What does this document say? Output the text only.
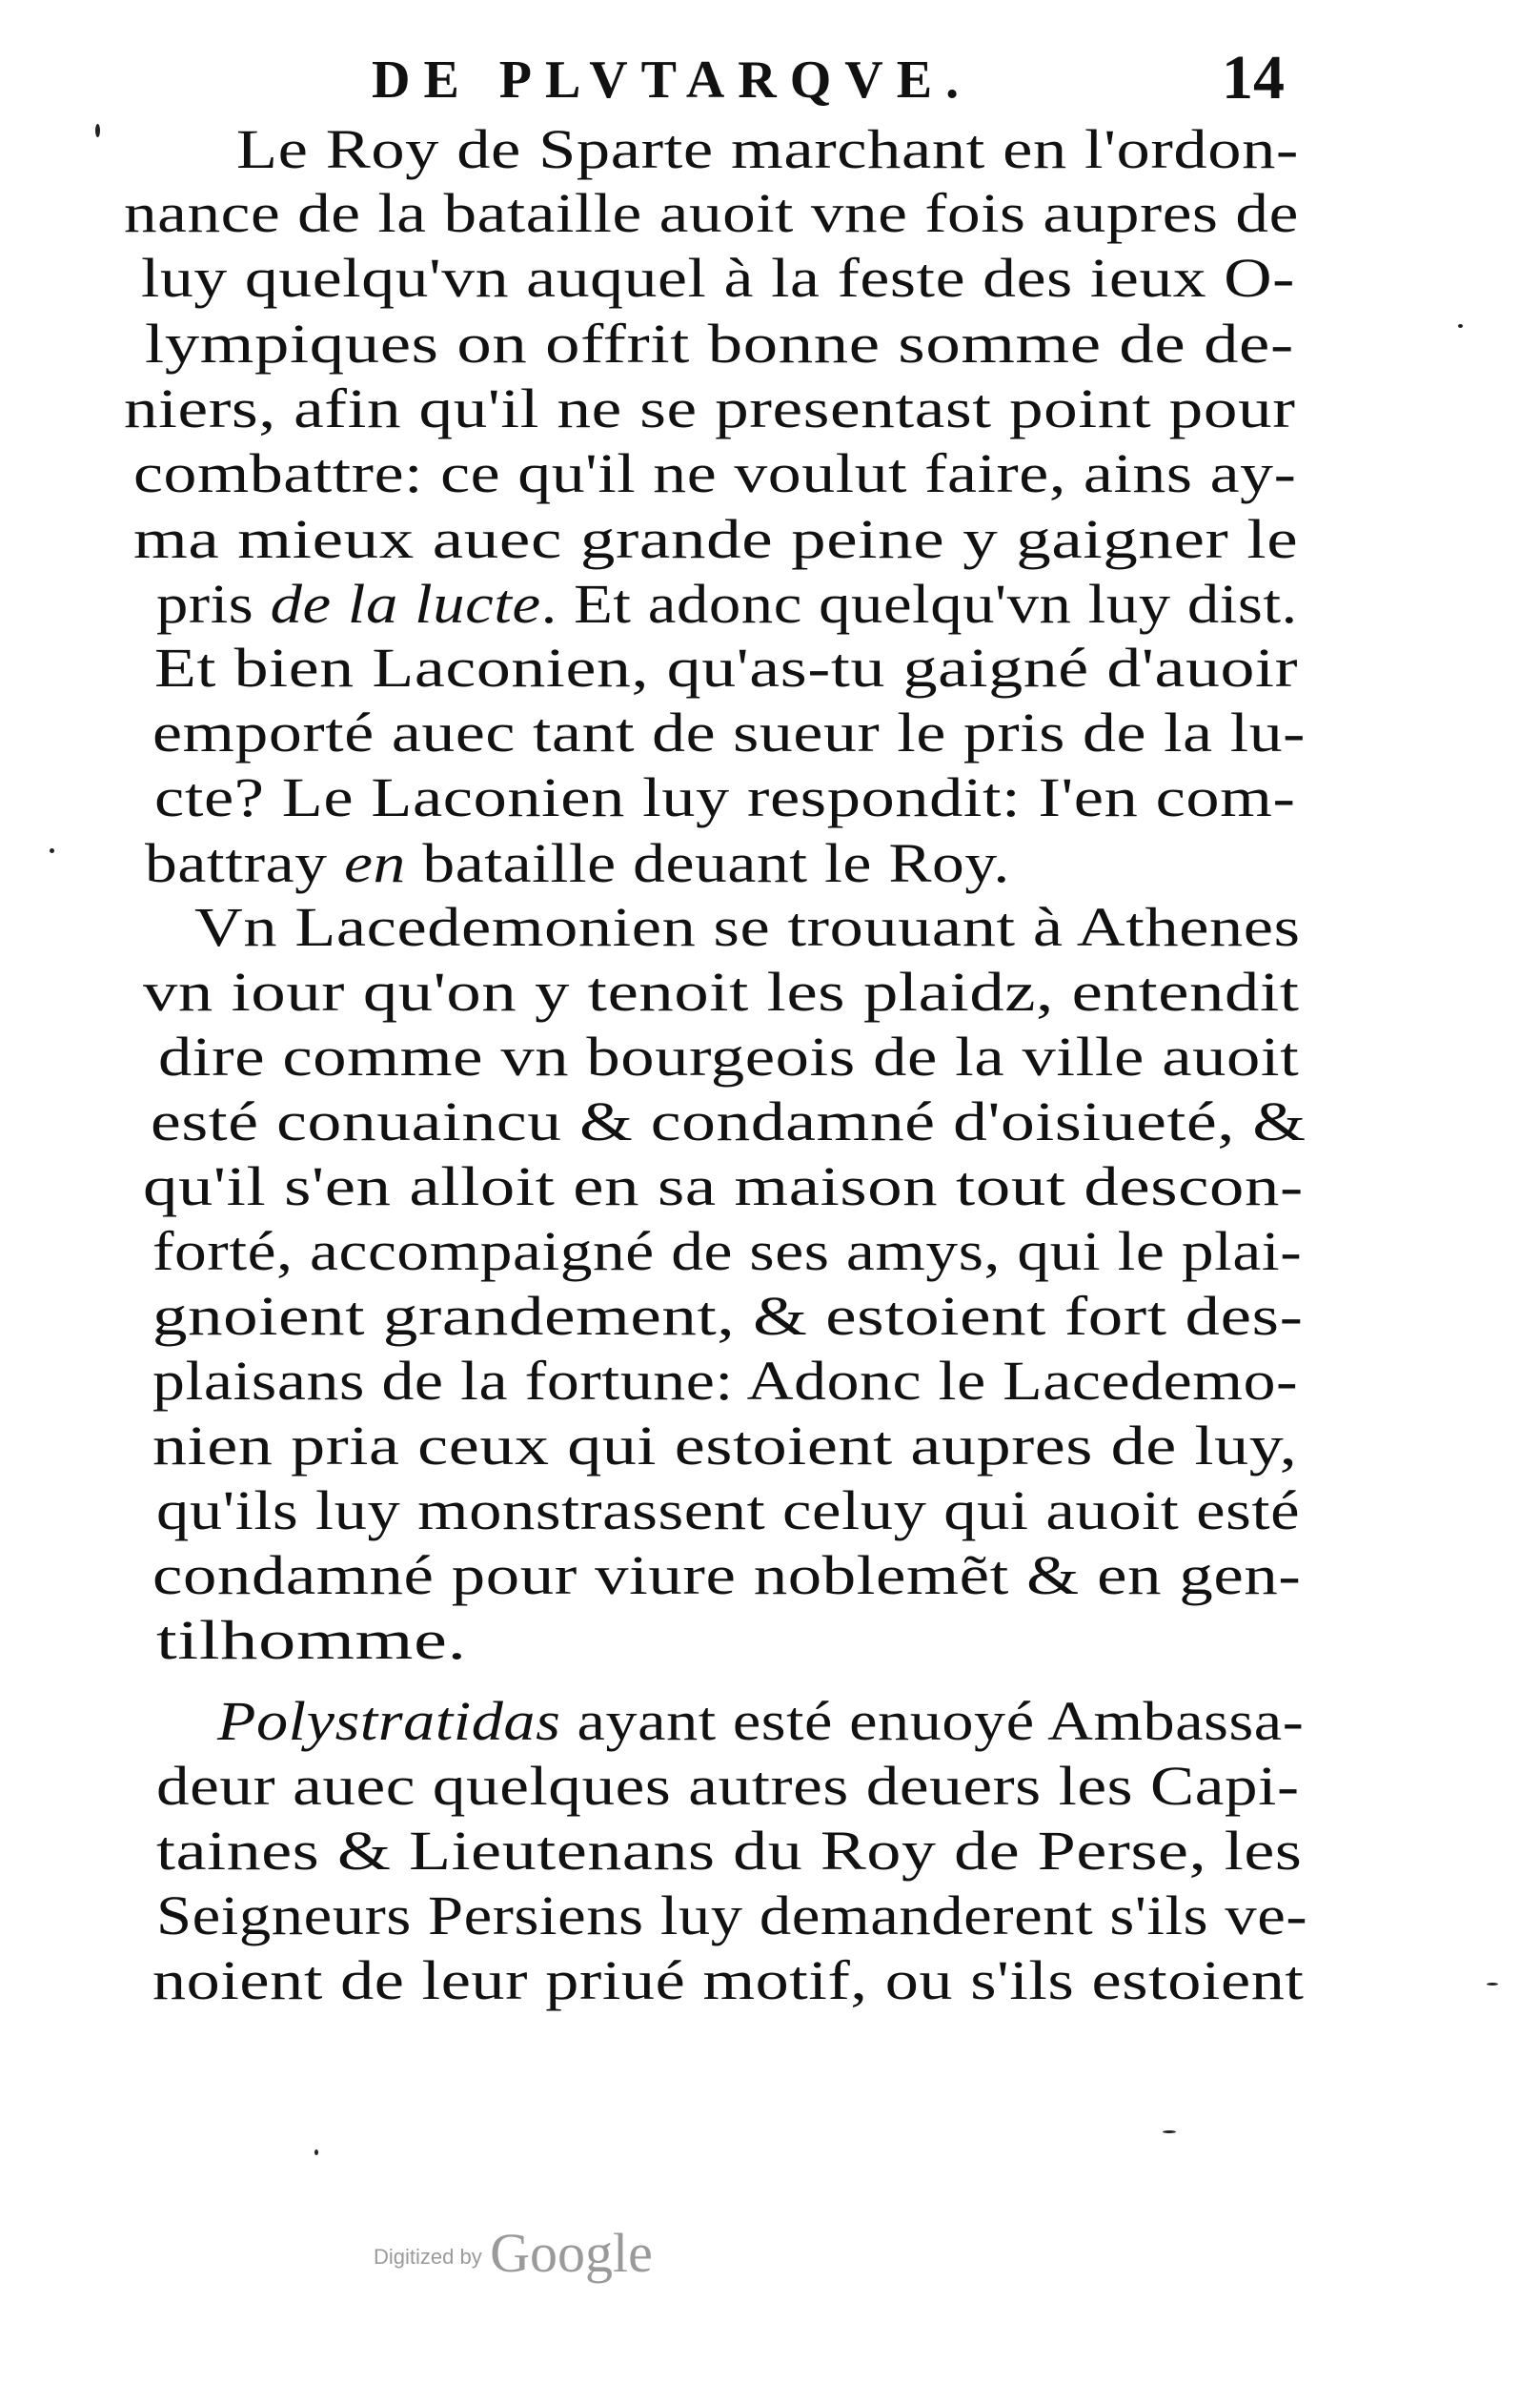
DE PLVTARQVE.	14
Le Roy de Sparte marchant en l'ordon-
nance de la bataille auoit vne fois aupres de
luy quelqu'vn auquel à la feste des ieux O-
lympiques on offrit bonne somme de de-
niers, afin qu'il ne se presentast point pour
combattre: ce qu'il ne voulut faire, ains ay-
ma mieux auec grande peine y gaigner le
pris de la lucte. Et adonc quelqu'vn luy dist.
Et bien Laconien, qu'as-tu gaigné d'auoir
emporté auec tant de sueur le pris de la lu-
cte? Le Laconien luy respondit: I'en com-
battray en bataille deuant le Roy.
Vn Lacedemonien se trouuant à Athenes
vn iour qu'on y tenoit les plaidz, entendit
dire comme vn bourgeois de la ville auoit
esté conuaincu & condamné d'oisiueté, &
qu'il s'en alloit en sa maison tout descon-
forté, accompaigné de ses amys, qui le plai-
gnoient grandement, & estoient fort des-
plaisans de la fortune: Adonc le Lacedemo-
nien pria ceux qui estoient aupres de luy,
qu'ils luy monstrassent celuy qui auoit esté
condamné pour viure noblemẽt & en gen-
tilhomme.
Polystratidas ayant esté enuoyé Ambassa-
deur auec quelques autres deuers les Capi-
taines & Lieutenans du Roy de Perse, les
Seigneurs Persiens luy demanderent s'ils ve-
noient de leur priué motif, ou s'ils estoient
Digitized by Google
